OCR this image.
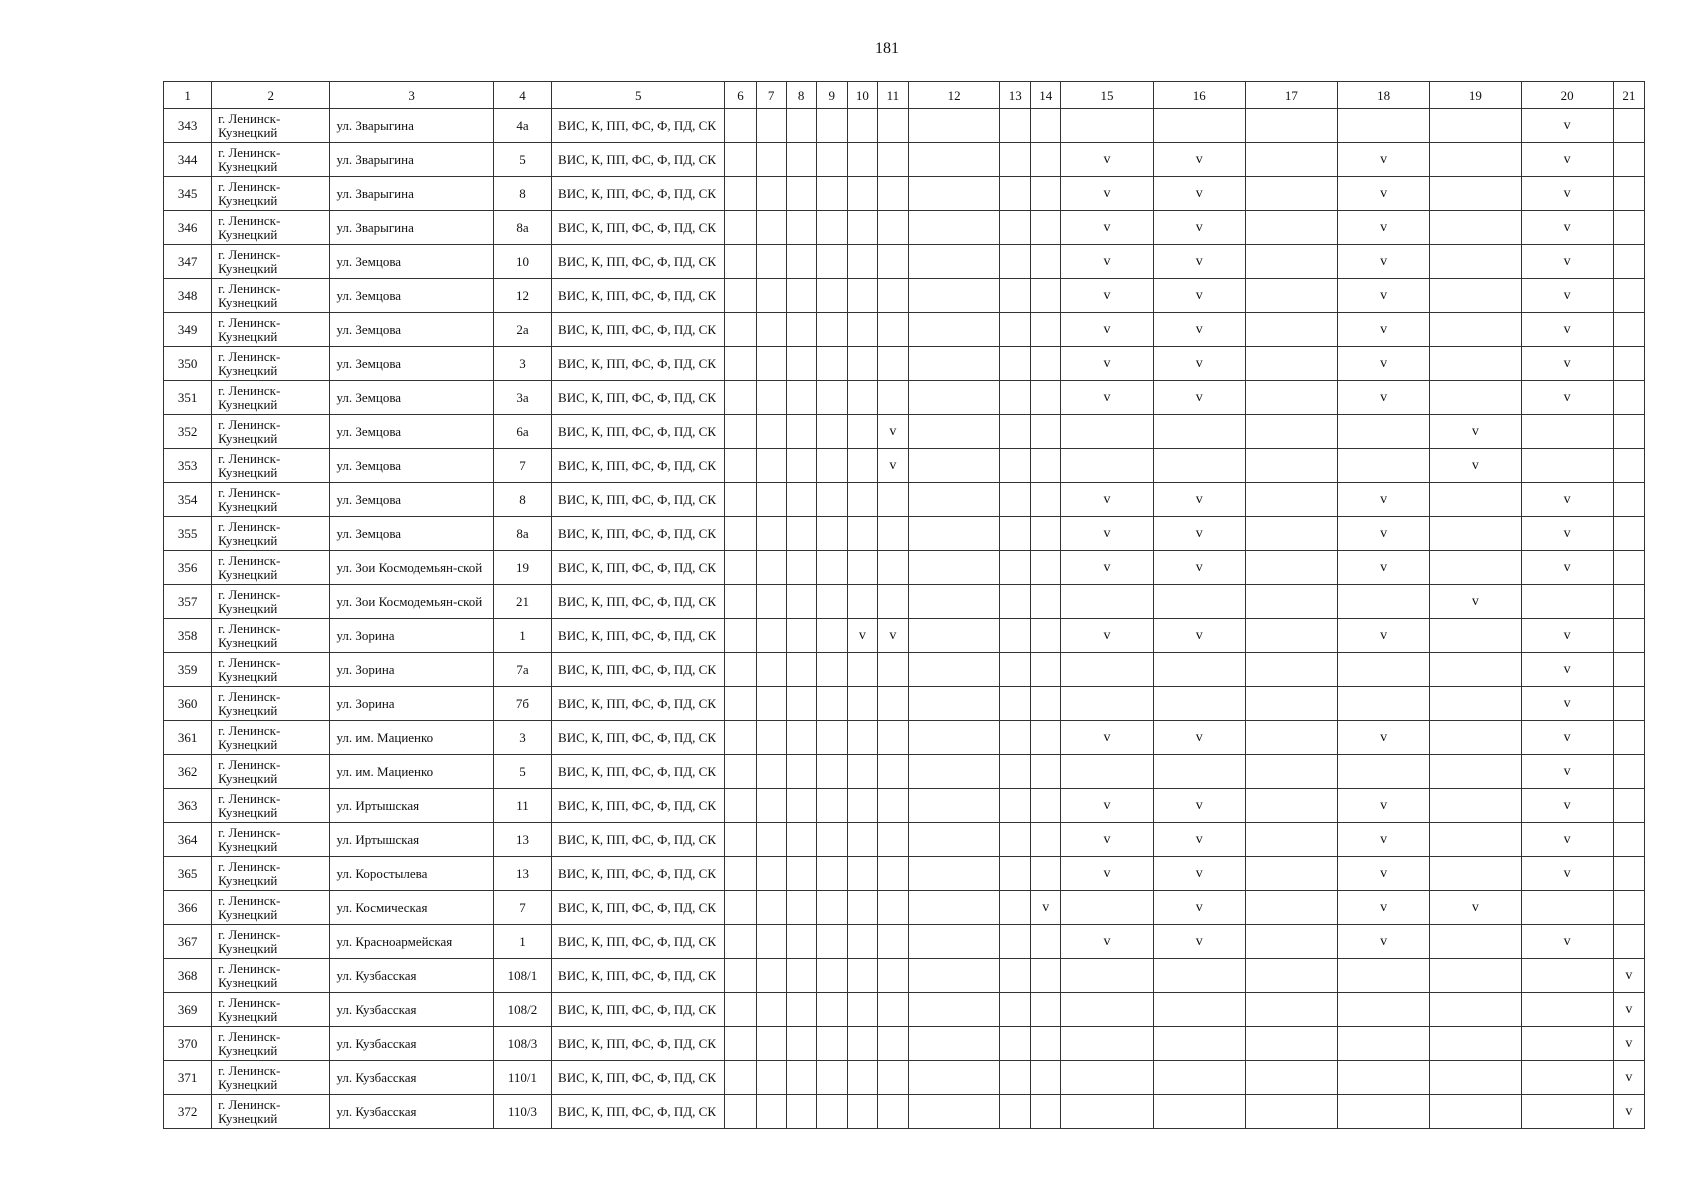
181
1	2	3	4	5	6	7	8	9	10	11	12	13	14	15	16	17	18	19	20	21
343	г. Ленинск-Кузнецкий	ул. Зварыгина	4а	ВИС, К, ПП, ФС, Ф, ПД, СК															v	
344	г. Ленинск-Кузнецкий	ул. Зварыгина	5	ВИС, К, ПП, ФС, Ф, ПД, СК										v	v		v		v	
345	г. Ленинск-Кузнецкий	ул. Зварыгина	8	ВИС, К, ПП, ФС, Ф, ПД, СК										v	v		v		v	
346	г. Ленинск-Кузнецкий	ул. Зварыгина	8а	ВИС, К, ПП, ФС, Ф, ПД, СК										v	v		v		v	
347	г. Ленинск-Кузнецкий	ул. Земцова	10	ВИС, К, ПП, ФС, Ф, ПД, СК										v	v		v		v	
348	г. Ленинск-Кузнецкий	ул. Земцова	12	ВИС, К, ПП, ФС, Ф, ПД, СК										v	v		v		v	
349	г. Ленинск-Кузнецкий	ул. Земцова	2а	ВИС, К, ПП, ФС, Ф, ПД, СК										v	v		v		v	
350	г. Ленинск-Кузнецкий	ул. Земцова	3	ВИС, К, ПП, ФС, Ф, ПД, СК										v	v		v		v	
351	г. Ленинск-Кузнецкий	ул. Земцова	3а	ВИС, К, ПП, ФС, Ф, ПД, СК										v	v		v		v	
352	г. Ленинск-Кузнецкий	ул. Земцова	6а	ВИС, К, ПП, ФС, Ф, ПД, СК						v								v		
353	г. Ленинск-Кузнецкий	ул. Земцова	7	ВИС, К, ПП, ФС, Ф, ПД, СК						v								v		
354	г. Ленинск-Кузнецкий	ул. Земцова	8	ВИС, К, ПП, ФС, Ф, ПД, СК										v	v		v		v	
355	г. Ленинск-Кузнецкий	ул. Земцова	8а	ВИС, К, ПП, ФС, Ф, ПД, СК										v	v		v		v	
356	г. Ленинск-Кузнецкий	ул. Зои Космодемьян-ской	19	ВИС, К, ПП, ФС, Ф, ПД, СК										v	v		v		v	
357	г. Ленинск-Кузнецкий	ул. Зои Космодемьян-ской	21	ВИС, К, ПП, ФС, Ф, ПД, СК														v		
358	г. Ленинск-Кузнецкий	ул. Зорина	1	ВИС, К, ПП, ФС, Ф, ПД, СК					v	v				v	v		v		v	
359	г. Ленинск-Кузнецкий	ул. Зорина	7а	ВИС, К, ПП, ФС, Ф, ПД, СК															v	
360	г. Ленинск-Кузнецкий	ул. Зорина	7б	ВИС, К, ПП, ФС, Ф, ПД, СК															v	
361	г. Ленинск-Кузнецкий	ул. им. Мациенко	3	ВИС, К, ПП, ФС, Ф, ПД, СК										v	v		v		v	
362	г. Ленинск-Кузнецкий	ул. им. Мациенко	5	ВИС, К, ПП, ФС, Ф, ПД, СК															v	
363	г. Ленинск-Кузнецкий	ул. Иртышская	11	ВИС, К, ПП, ФС, Ф, ПД, СК										v	v		v		v	
364	г. Ленинск-Кузнецкий	ул. Иртышская	13	ВИС, К, ПП, ФС, Ф, ПД, СК										v	v		v		v	
365	г. Ленинск-Кузнецкий	ул. Коростылева	13	ВИС, К, ПП, ФС, Ф, ПД, СК										v	v		v		v	
366	г. Ленинск-Кузнецкий	ул. Космическая	7	ВИС, К, ПП, ФС, Ф, ПД, СК									v		v		v	v		
367	г. Ленинск-Кузнецкий	ул. Красноармейская	1	ВИС, К, ПП, ФС, Ф, ПД, СК										v	v		v		v	
368	г. Ленинск-Кузнецкий	ул. Кузбасская	108/1	ВИС, К, ПП, ФС, Ф, ПД, СК																v
369	г. Ленинск-Кузнецкий	ул. Кузбасская	108/2	ВИС, К, ПП, ФС, Ф, ПД, СК																v
370	г. Ленинск-Кузнецкий	ул. Кузбасская	108/3	ВИС, К, ПП, ФС, Ф, ПД, СК																v
371	г. Ленинск-Кузнецкий	ул. Кузбасская	110/1	ВИС, К, ПП, ФС, Ф, ПД, СК																v
372	г. Ленинск-Кузнецкий	ул. Кузбасская	110/3	ВИС, К, ПП, ФС, Ф, ПД, СК																v
